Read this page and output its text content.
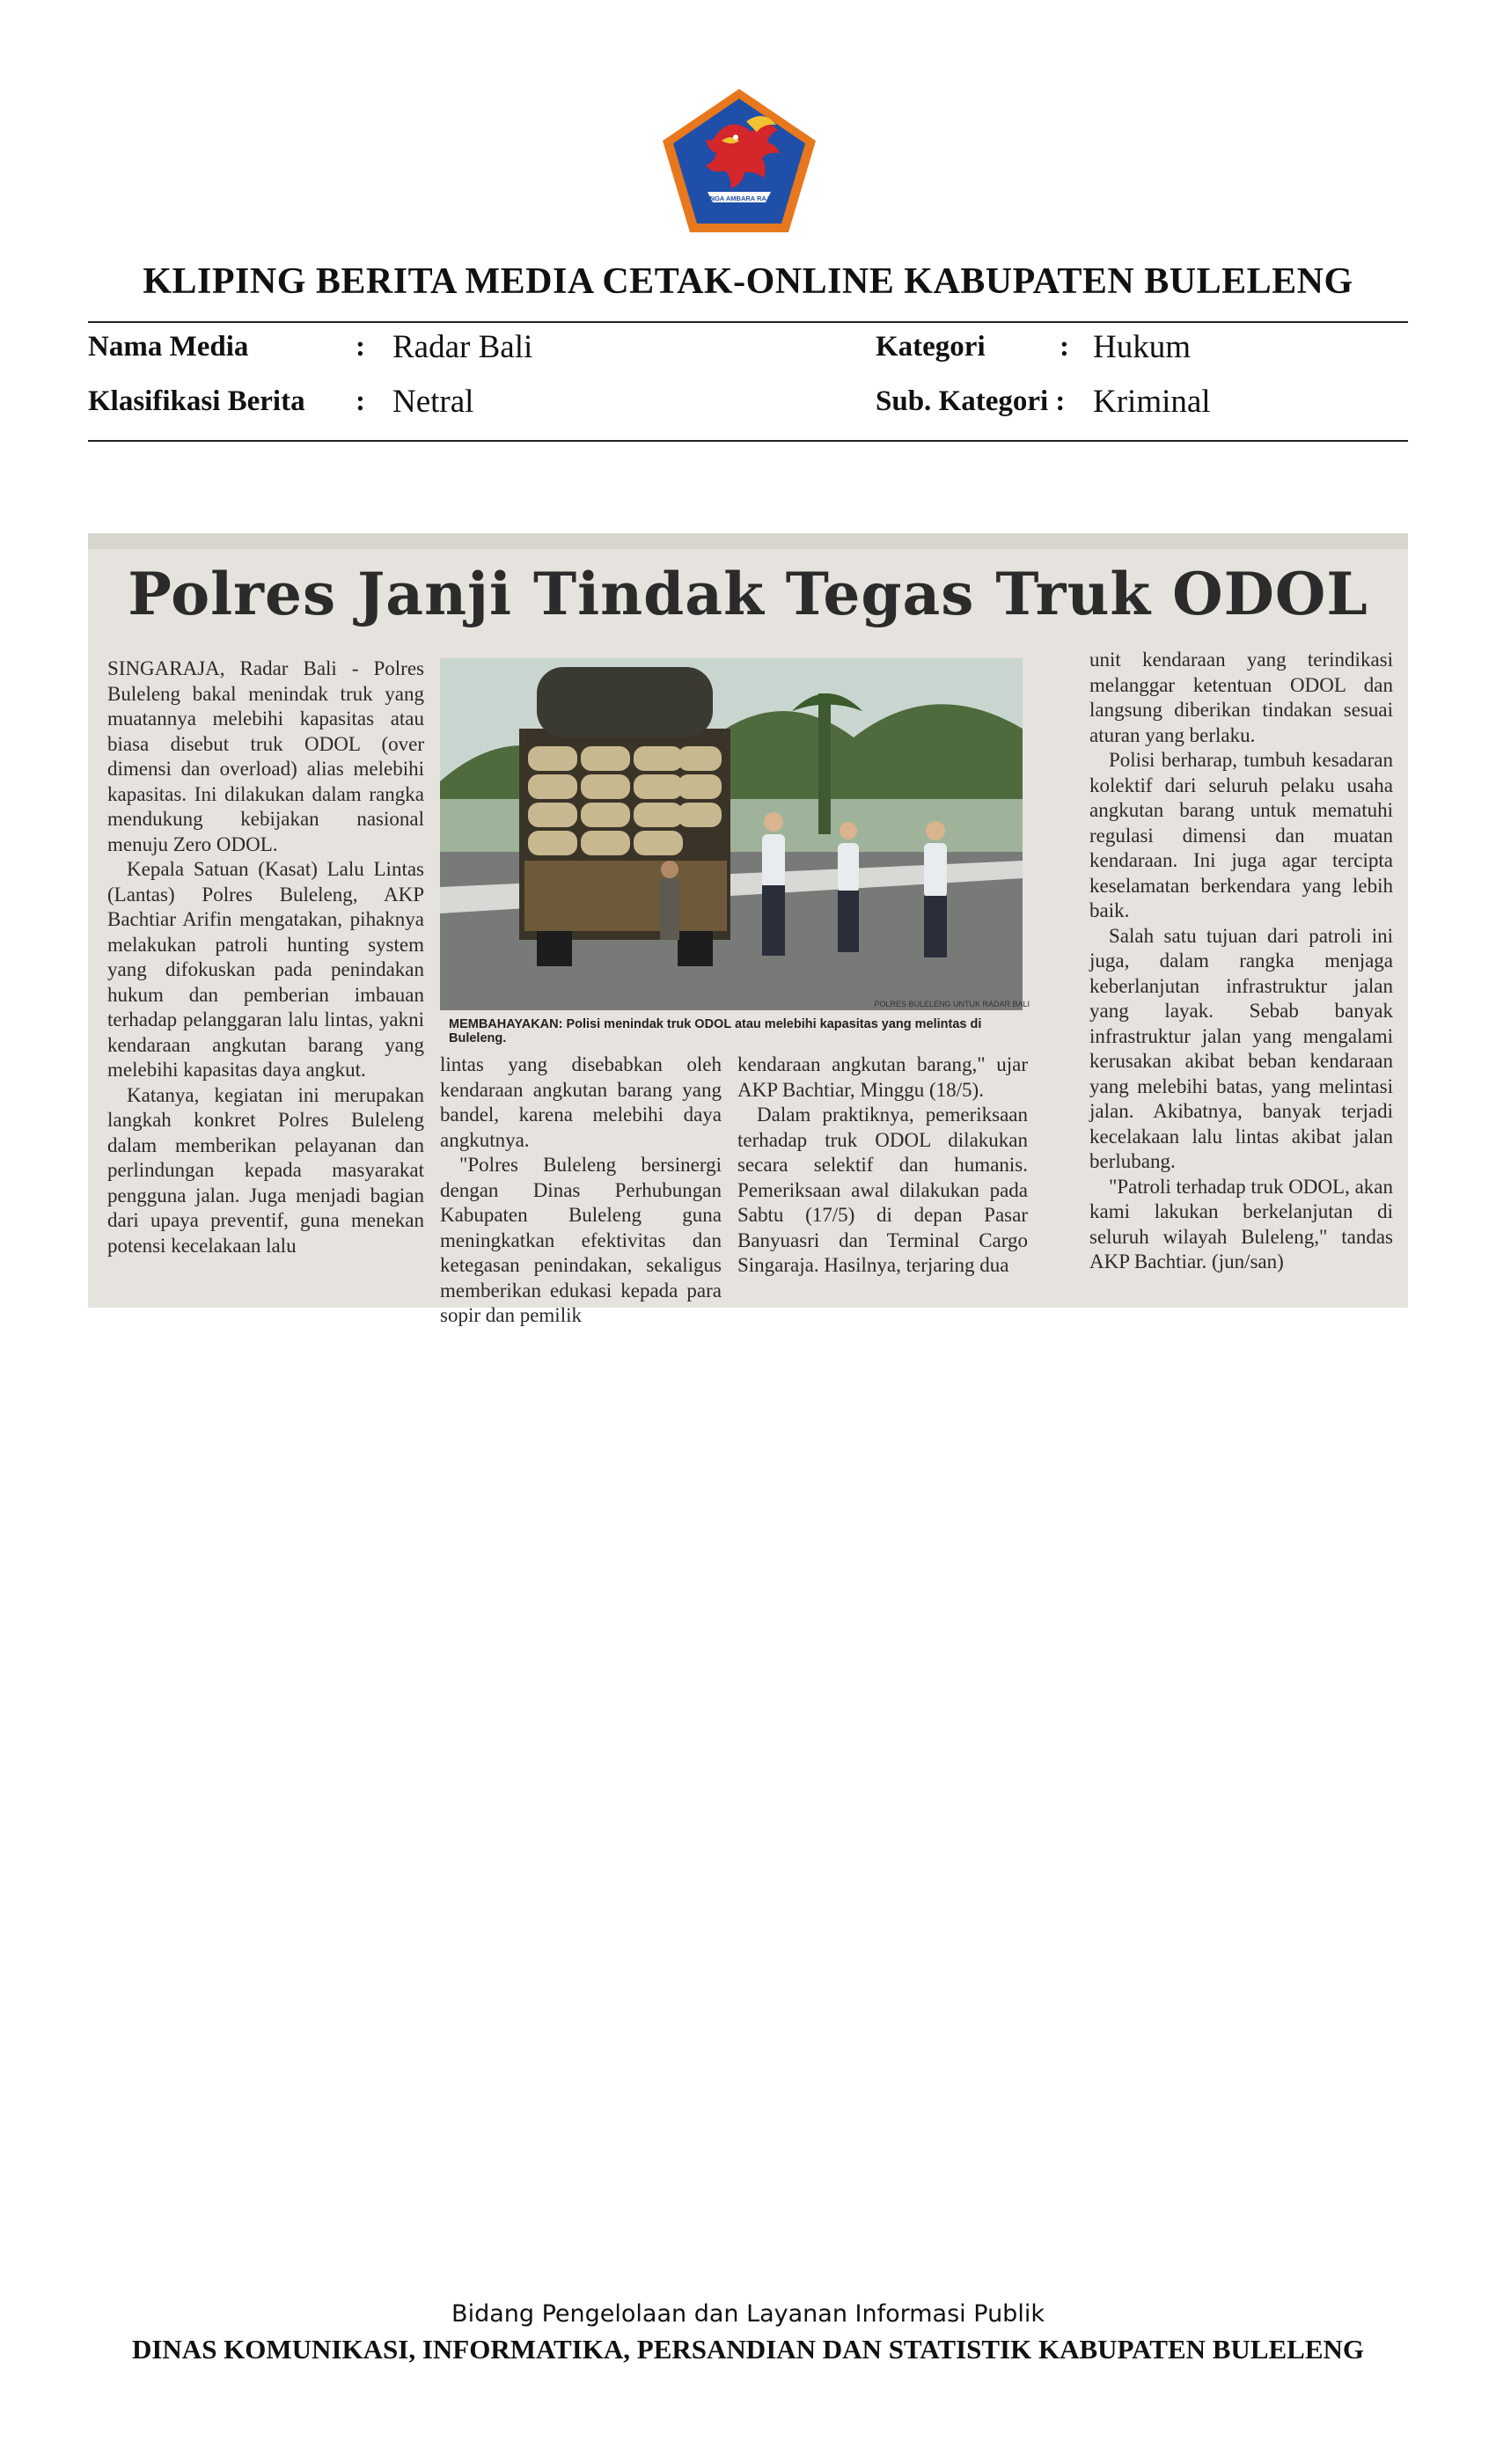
SINGA AMBARA RAJA
KLIPING BERITA MEDIA CETAK-ONLINE KABUPATEN BULELENG
Nama Media	: Radar Bali
Klasifikasi Berita : Netral
Kategori	: Hukum
Sub. Kategori : Kriminal
Polres Janji Tindak Tegas Truk ODOL

SINGARAJA, Radar Bali - Polres Buleleng bakal menindak truk yang muatannya melebihi kapasitas atau biasa disebut truk ODOL (over dimensi dan overload) alias melebihi kapasitas. Ini dilakukan dalam rangka mendukung kebijakan nasional menuju Zero ODOL.

Kepala Satuan (Kasat) Lalu Lintas (Lantas) Polres Buleleng, AKP Bachtiar Arifin mengatakan, pihaknya melakukan patroli hunting system yang difokuskan pada penindakan hukum dan pemberian imbauan terhadap pelanggaran lalu lintas, yakni kendaraan angkutan barang yang melebihi kapasitas daya angkut.

Katanya, kegiatan ini merupakan langkah konkret Polres Buleleng dalam memberikan pelayanan dan perlindungan kepada masyarakat pengguna jalan. Juga menjadi bagian dari upaya preventif, guna menekan potensi kecelakaan lalu

POLRES BULELENG UNTUK RADAR BALI
MEMBAHAYAKAN: Polisi menindak truk ODOL atau melebihi kapasitas yang melintas di Buleleng.

lintas yang disebabkan oleh kendaraan angkutan barang yang bandel, karena melebihi daya angkutnya.

"Polres Buleleng bersinergi dengan Dinas Perhubungan Kabupaten Buleleng guna meningkatkan efektivitas dan ketegasan penindakan, sekaligus memberikan edukasi kepada para sopir dan pemilik

kendaraan angkutan barang," ujar AKP Bachtiar, Minggu (18/5).

Dalam praktiknya, pemeriksaan terhadap truk ODOL dilakukan secara selektif dan humanis. Pemeriksaan awal dilakukan pada Sabtu (17/5) di depan Pasar Banyuasri dan Terminal Cargo Singaraja. Hasilnya, terjaring dua

unit kendaraan yang terindikasi melanggar ketentuan ODOL dan langsung diberikan tindakan sesuai aturan yang berlaku.

Polisi berharap, tumbuh kesadaran kolektif dari seluruh pelaku usaha angkutan barang untuk mematuhi regulasi dimensi dan muatan kendaraan. Ini juga agar tercipta keselamatan berkendara yang lebih baik.

Salah satu tujuan dari patroli ini juga, dalam rangka menjaga keberlanjutan infrastruktur jalan yang layak. Sebab banyak infrastruktur jalan yang mengalami kerusakan akibat beban kendaraan yang melebihi batas, yang melintasi jalan. Akibatnya, banyak terjadi kecelakaan lalu lintas akibat jalan berlubang.

"Patroli terhadap truk ODOL, akan kami lakukan berkelanjutan di seluruh wilayah Buleleng," tandas AKP Bachtiar. (jun/san)

Bidang Pengelolaan dan Layanan Informasi Publik
DINAS KOMUNIKASI, INFORMATIKA, PERSANDIAN DAN STATISTIK KABUPATEN BULELENG
